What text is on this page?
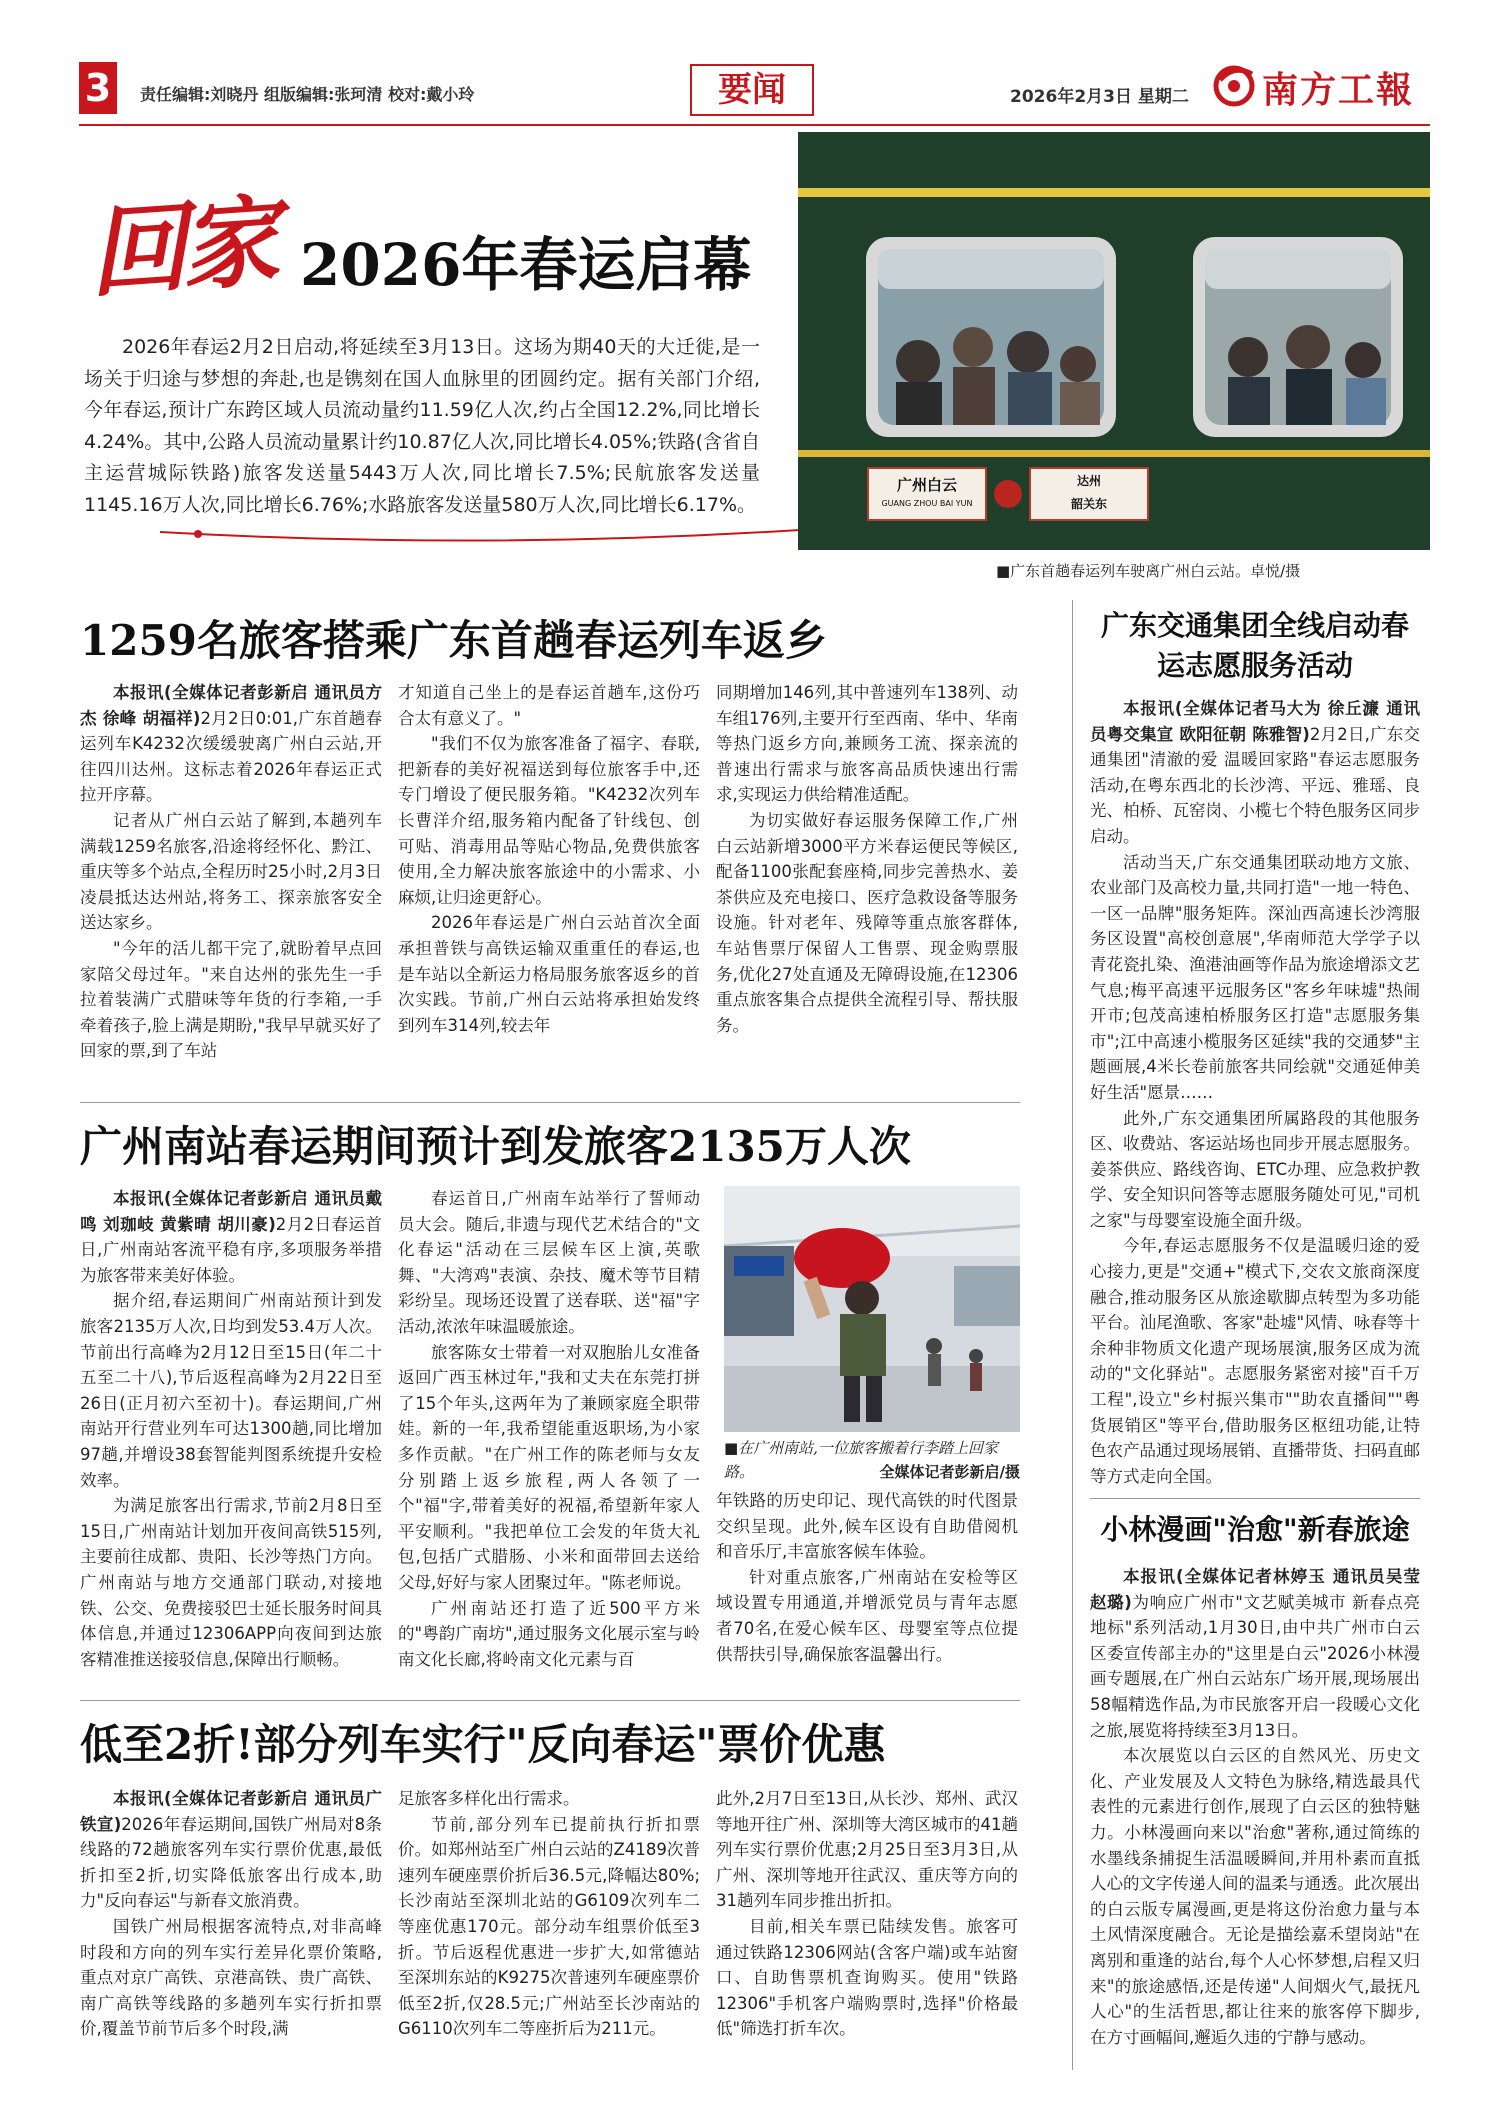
3	责任编辑:刘晓丹 组版编辑:张珂清 校对:戴小玲	要闻	2026年2月3日 星期二 南方工報
回家 2026年春运启幕
2026年春运2月2日启动,将延续至3月13日。这场为期40天的大迁徙,是一场关于归途与梦想的奔赴,也是镌刻在国人血脉里的团圆约定。据有关部门介绍,今年春运,预计广东跨区域人员流动量约11.59亿人次,约占全国12.2%,同比增长4.24%。其中,公路人员流动量累计约10.87亿人次,同比增长4.05%;铁路(含省自主运营城际铁路)旅客发送量5443万人次,同比增长7.5%;民航旅客发送量1145.16万人次,同比增长6.76%;水路旅客发送量580万人次,同比增长6.17%。
广州白云
GUANG ZHOU BAI YUN
达州
韶关东
■广东首趟春运列车驶离广州白云站。卓悦/摄
1259名旅客搭乘广东首趟春运列车返乡

本报讯(全媒体记者彭新启 通讯员方杰 徐峰 胡福祥)2月2日0:01,广东首趟春运列车K4232次缓缓驶离广州白云站,开往四川达州。这标志着2026年春运正式拉开序幕。

记者从广州白云站了解到,本趟列车满载1259名旅客,沿途将经怀化、黔江、重庆等多个站点,全程历时25小时,2月3日凌晨抵达达州站,将务工、探亲旅客安全送达家乡。

"今年的活儿都干完了,就盼着早点回家陪父母过年。"来自达州的张先生一手拉着装满广式腊味等年货的行李箱,一手牵着孩子,脸上满是期盼,"我早早就买好了回家的票,到了车站

才知道自己坐上的是春运首趟车,这份巧合太有意义了。"

"我们不仅为旅客准备了福字、春联,把新春的美好祝福送到每位旅客手中,还专门增设了便民服务箱。"K4232次列车长曹洋介绍,服务箱内配备了针线包、创可贴、消毒用品等贴心物品,免费供旅客使用,全力解决旅客旅途中的小需求、小麻烦,让归途更舒心。

2026年春运是广州白云站首次全面承担普铁与高铁运输双重重任的春运,也是车站以全新运力格局服务旅客返乡的首次实践。节前,广州白云站将承担始发终到列车314列,较去年

同期增加146列,其中普速列车138列、动车组176列,主要开行至西南、华中、华南等热门返乡方向,兼顾务工流、探亲流的普速出行需求与旅客高品质快速出行需求,实现运力供给精准适配。

为切实做好春运服务保障工作,广州白云站新增3000平方米春运便民等候区,配备1100张配套座椅,同步完善热水、姜茶供应及充电接口、医疗急救设备等服务设施。针对老年、残障等重点旅客群体,车站售票厅保留人工售票、现金购票服务,优化27处直通及无障碍设施,在12306重点旅客集合点提供全流程引导、帮扶服务。

广州南站春运期间预计到发旅客2135万人次

本报讯(全媒体记者彭新启 通讯员戴鸣 刘珈岐 黄紫晴 胡川豪)2月2日春运首日,广州南站客流平稳有序,多项服务举措为旅客带来美好体验。

据介绍,春运期间广州南站预计到发旅客2135万人次,日均到发53.4万人次。节前出行高峰为2月12日至15日(年二十五至二十八),节后返程高峰为2月22日至26日(正月初六至初十)。春运期间,广州南站开行营业列车可达1300趟,同比增加97趟,并增设38套智能判图系统提升安检效率。

为满足旅客出行需求,节前2月8日至15日,广州南站计划加开夜间高铁515列,主要前往成都、贵阳、长沙等热门方向。广州南站与地方交通部门联动,对接地铁、公交、免费接驳巴士延长服务时间具体信息,并通过12306APP向夜间到达旅客精准推送接驳信息,保障出行顺畅。

春运首日,广州南车站举行了誓师动员大会。随后,非遗与现代艺术结合的"文化春运"活动在三层候车区上演,英歌舞、"大湾鸡"表演、杂技、魔术等节目精彩纷呈。现场还设置了送春联、送"福"字活动,浓浓年味温暖旅途。

旅客陈女士带着一对双胞胎儿女准备返回广西玉林过年,"我和丈夫在东莞打拼了15个年头,这两年为了兼顾家庭全职带娃。新的一年,我希望能重返职场,为小家多作贡献。"在广州工作的陈老师与女友分别踏上返乡旅程,两人各领了一个"福"字,带着美好的祝福,希望新年家人平安顺利。"我把单位工会发的年货大礼包,包括广式腊肠、小米和面带回去送给父母,好好与家人团聚过年。"陈老师说。

广州南站还打造了近500平方米的"粤韵广南坊",通过服务文化展示室与岭南文化长廊,将岭南文化元素与百

■在广州南站,一位旅客搬着行李踏上回家路。	全媒体记者彭新启/摄

年铁路的历史印记、现代高铁的时代图景交织呈现。此外,候车区设有自助借阅机和音乐厅,丰富旅客候车体验。

针对重点旅客,广州南站在安检等区域设置专用通道,并增派党员与青年志愿者70名,在爱心候车区、母婴室等点位提供帮扶引导,确保旅客温馨出行。

低至2折!部分列车实行"反向春运"票价优惠

本报讯(全媒体记者彭新启 通讯员广铁宣)2026年春运期间,国铁广州局对8条线路的72趟旅客列车实行票价优惠,最低折扣至2折,切实降低旅客出行成本,助力"反向春运"与新春文旅消费。

国铁广州局根据客流特点,对非高峰时段和方向的列车实行差异化票价策略,重点对京广高铁、京港高铁、贵广高铁、南广高铁等线路的多趟列车实行折扣票价,覆盖节前节后多个时段,满

足旅客多样化出行需求。

节前,部分列车已提前执行折扣票价。如郑州站至广州白云站的Z4189次普速列车硬座票价折后36.5元,降幅达80%;长沙南站至深圳北站的G6109次列车二等座优惠170元。部分动车组票价低至3折。节后返程优惠进一步扩大,如常德站至深圳东站的K9275次普速列车硬座票价低至2折,仅28.5元;广州站至长沙南站的G6110次列车二等座折后为211元。

此外,2月7日至13日,从长沙、郑州、武汉等地开往广州、深圳等大湾区城市的41趟列车实行票价优惠;2月25日至3月3日,从广州、深圳等地开往武汉、重庆等方向的31趟列车同步推出折扣。

目前,相关车票已陆续发售。旅客可通过铁路12306网站(含客户端)或车站窗口、自助售票机查询购买。使用"铁路12306"手机客户端购票时,选择"价格最低"筛选打折车次。

广东交通集团全线启动春运志愿服务活动

本报讯(全媒体记者马大为 徐丘濂 通讯员粤交集宣 欧阳征朝 陈雅智)2月2日,广东交通集团"清澈的爱 温暖回家路"春运志愿服务活动,在粤东西北的长沙湾、平远、雅瑶、良光、柏桥、瓦窑岗、小榄七个特色服务区同步启动。

活动当天,广东交通集团联动地方文旅、农业部门及高校力量,共同打造"一地一特色、一区一品牌"服务矩阵。深汕西高速长沙湾服务区设置"高校创意展",华南师范大学学子以青花瓷扎染、渔港油画等作品为旅途增添文艺气息;梅平高速平远服务区"客乡年味墟"热闹开市;包茂高速柏桥服务区打造"志愿服务集市";江中高速小榄服务区延续"我的交通梦"主题画展,4米长卷前旅客共同绘就"交通延伸美好生活"愿景……

此外,广东交通集团所属路段的其他服务区、收费站、客运站场也同步开展志愿服务。姜茶供应、路线咨询、ETC办理、应急救护教学、安全知识问答等志愿服务随处可见,"司机之家"与母婴室设施全面升级。

今年,春运志愿服务不仅是温暖归途的爱心接力,更是"交通+"模式下,交农文旅商深度融合,推动服务区从旅途歇脚点转型为多功能平台。汕尾渔歌、客家"赴墟"风情、咏春等十余种非物质文化遗产现场展演,服务区成为流动的"文化驿站"。志愿服务紧密对接"百千万工程",设立"乡村振兴集市""助农直播间""粤货展销区"等平台,借助服务区枢纽功能,让特色农产品通过现场展销、直播带货、扫码直邮等方式走向全国。

小林漫画"治愈"新春旅途

本报讯(全媒体记者林婷玉 通讯员吴莹 赵璐)为响应广州市"文艺赋美城市 新春点亮地标"系列活动,1月30日,由中共广州市白云区委宣传部主办的"这里是白云"2026小林漫画专题展,在广州白云站东广场开展,现场展出58幅精选作品,为市民旅客开启一段暖心文化之旅,展览将持续至3月13日。

本次展览以白云区的自然风光、历史文化、产业发展及人文特色为脉络,精选最具代表性的元素进行创作,展现了白云区的独特魅力。小林漫画向来以"治愈"著称,通过简练的水墨线条捕捉生活温暖瞬间,并用朴素而直抵人心的文字传递人间的温柔与通透。此次展出的白云版专属漫画,更是将这份治愈力量与本土风情深度融合。无论是描绘嘉禾望岗站"在离别和重逢的站台,每个人心怀梦想,启程又归来"的旅途感悟,还是传递"人间烟火气,最抚凡人心"的生活哲思,都让往来的旅客停下脚步,在方寸画幅间,邂逅久违的宁静与感动。
